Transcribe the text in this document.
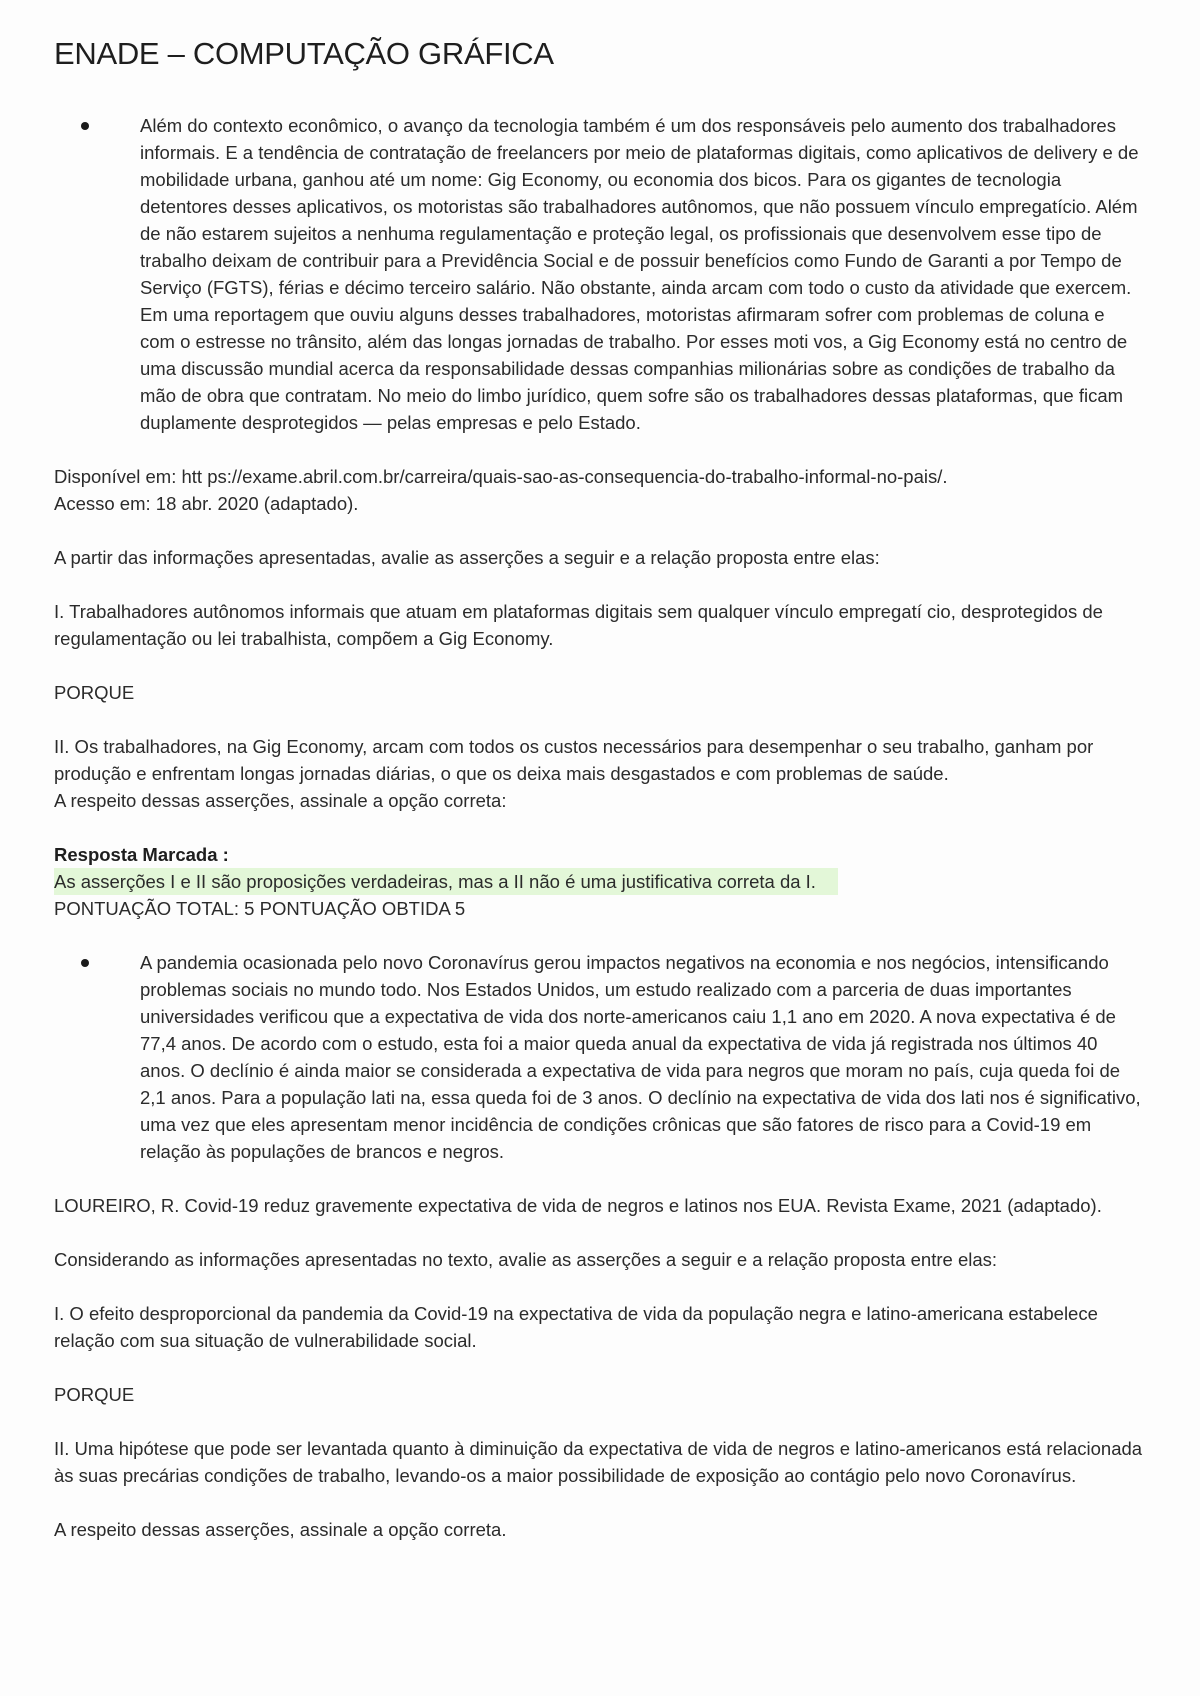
ENADE – COMPUTAÇÃO GRÁFICA
Além do contexto econômico, o avanço da tecnologia também é um dos responsáveis pelo aumento dos trabalhadores informais. E a tendência de contratação de freelancers por meio de plataformas digitais, como aplicativos de delivery e de mobilidade urbana, ganhou até um nome: Gig Economy, ou economia dos bicos. Para os gigantes de tecnologia detentores desses aplicativos, os motoristas são trabalhadores autônomos, que não possuem vínculo empregatício. Além de não estarem sujeitos a nenhuma regulamentação e proteção legal, os profissionais que desenvolvem esse tipo de trabalho deixam de contribuir para a Previdência Social e de possuir benefícios como Fundo de Garanti a por Tempo de Serviço (FGTS), férias e décimo terceiro salário. Não obstante, ainda arcam com todo o custo da atividade que exercem. Em uma reportagem que ouviu alguns desses trabalhadores, motoristas afirmaram sofrer com problemas de coluna e com o estresse no trânsito, além das longas jornadas de trabalho. Por esses moti vos, a Gig Economy está no centro de uma discussão mundial acerca da responsabilidade dessas companhias milionárias sobre as condições de trabalho da mão de obra que contratam. No meio do limbo jurídico, quem sofre são os trabalhadores dessas plataformas, que ficam duplamente desprotegidos — pelas empresas e pelo Estado.

Disponível em: htt ps://exame.abril.com.br/carreira/quais-sao-as-consequencia-do-trabalho-informal-no-pais/.

Acesso em: 18 abr. 2020 (adaptado).

A partir das informações apresentadas, avalie as asserções a seguir e a relação proposta entre elas:

I. Trabalhadores autônomos informais que atuam em plataformas digitais sem qualquer vínculo empregatí cio, desprotegidos de regulamentação ou lei trabalhista, compõem a Gig Economy.

PORQUE

II. Os trabalhadores, na Gig Economy, arcam com todos os custos necessários para desempenhar o seu trabalho, ganham por produção e enfrentam longas jornadas diárias, o que os deixa mais desgastados e com problemas de saúde.

A respeito dessas asserções, assinale a opção correta:

Resposta Marcada :

As asserções I e II são proposições verdadeiras, mas a II não é uma justificativa correta da I.

PONTUAÇÃO TOTAL: 5 PONTUAÇÃO OBTIDA 5

A pandemia ocasionada pelo novo Coronavírus gerou impactos negativos na economia e nos negócios, intensificando problemas sociais no mundo todo. Nos Estados Unidos, um estudo realizado com a parceria de duas importantes universidades verificou que a expectativa de vida dos norte-americanos caiu 1,1 ano em 2020. A nova expectativa é de 77,4 anos. De acordo com o estudo, esta foi a maior queda anual da expectativa de vida já registrada nos últimos 40 anos. O declínio é ainda maior se considerada a expectativa de vida para negros que moram no país, cuja queda foi de 2,1 anos. Para a população lati na, essa queda foi de 3 anos. O declínio na expectativa de vida dos lati nos é significativo, uma vez que eles apresentam menor incidência de condições crônicas que são fatores de risco para a Covid-19 em relação às populações de brancos e negros.

LOUREIRO, R. Covid-19 reduz gravemente expectativa de vida de negros e latinos nos EUA. Revista Exame, 2021 (adaptado).

Considerando as informações apresentadas no texto, avalie as asserções a seguir e a relação proposta entre elas:

I. O efeito desproporcional da pandemia da Covid-19 na expectativa de vida da população negra e latino-americana estabelece relação com sua situação de vulnerabilidade social.

PORQUE

II. Uma hipótese que pode ser levantada quanto à diminuição da expectativa de vida de negros e latino-americanos está relacionada às suas precárias condições de trabalho, levando-os a maior possibilidade de exposição ao contágio pelo novo Coronavírus.

A respeito dessas asserções, assinale a opção correta.
